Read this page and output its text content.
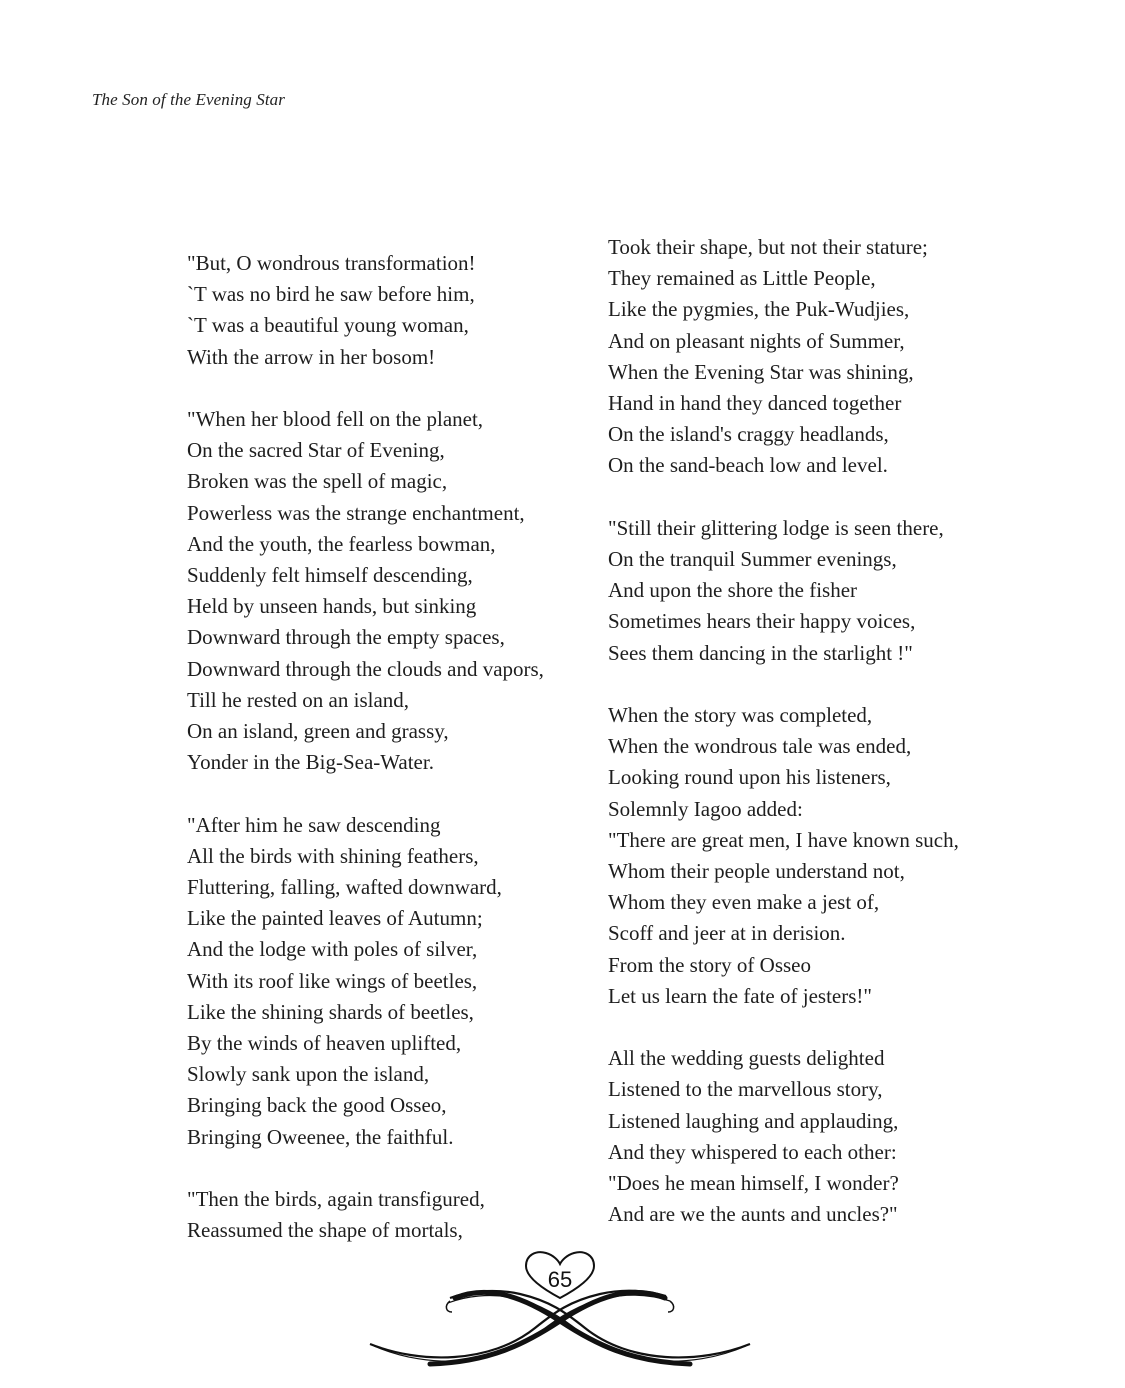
The Son of the Evening Star
"But, O wondrous transformation!
`T was no bird he saw before him,
`T was a beautiful young woman,
With the arrow in her bosom!
"When her blood fell on the planet,
On the sacred Star of Evening,
Broken was the spell of magic,
Powerless was the strange enchantment,
And the youth, the fearless bowman,
Suddenly felt himself descending,
Held by unseen hands, but sinking
Downward through the empty spaces,
Downward through the clouds and vapors,
Till he rested on an island,
On an island, green and grassy,
Yonder in the Big-Sea-Water.
"After him he saw descending
All the birds with shining feathers,
Fluttering, falling, wafted downward,
Like the painted leaves of Autumn;
And the lodge with poles of silver,
With its roof like wings of beetles,
Like the shining shards of beetles,
By the winds of heaven uplifted,
Slowly sank upon the island,
Bringing back the good Osseo,
Bringing Oweenee, the faithful.
"Then the birds, again transfigured,
Reassumed the shape of mortals,
Took their shape, but not their stature;
They remained as Little People,
Like the pygmies, the Puk-Wudjies,
And on pleasant nights of Summer,
When the Evening Star was shining,
Hand in hand they danced together
On the island's craggy headlands,
On the sand-beach low and level.
"Still their glittering lodge is seen there,
On the tranquil Summer evenings,
And upon the shore the fisher
Sometimes hears their happy voices,
Sees them dancing in the starlight !"
When the story was completed,
When the wondrous tale was ended,
Looking round upon his listeners,
Solemnly Iagoo added:
"There are great men, I have known such,
Whom their people understand not,
Whom they even make a jest of,
Scoff and jeer at in derision.
From the story of Osseo
Let us learn the fate of jesters!"
All the wedding guests delighted
Listened to the marvellous story,
Listened laughing and applauding,
And they whispered to each other:
"Does he mean himself, I wonder?
And are we the aunts and uncles?"
65
